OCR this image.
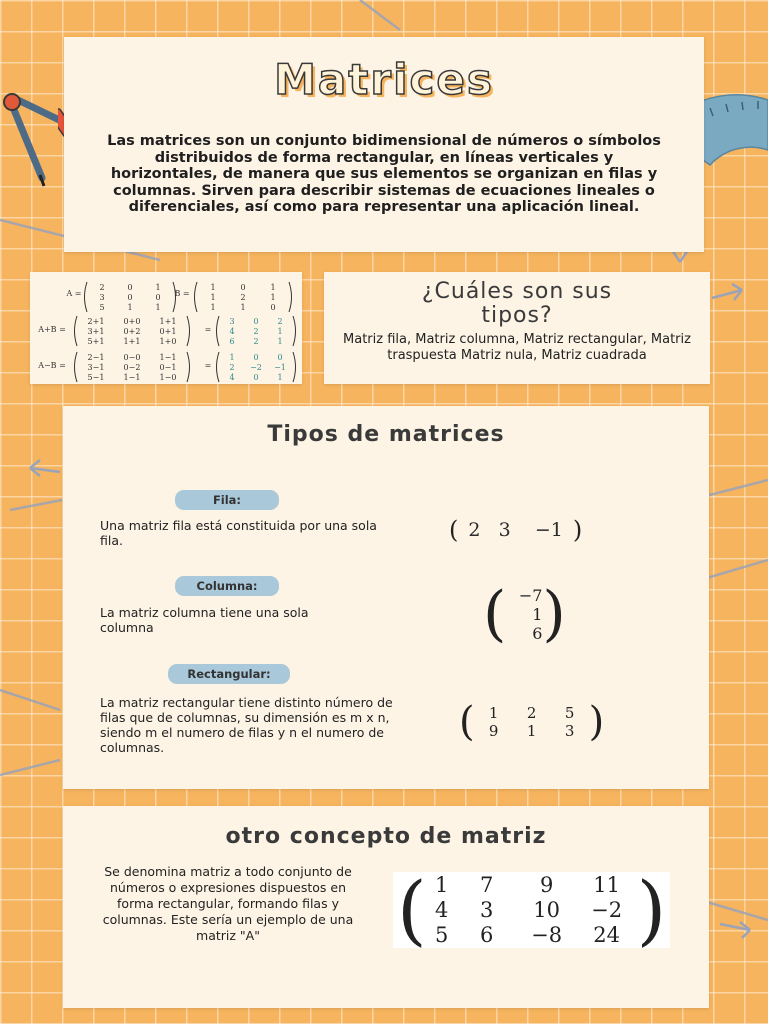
Matrices
Las matrices son un conjunto bidimensional de números o símbolos distribuidos de forma rectangular, en líneas verticales y horizontales, de manera que sus elementos se organizan en filas y columnas. Sirven para describir sistemas de ecuaciones lineales o diferenciales, así como para representar una aplicación lineal.
A =
2	0	1
3	0	0
5	1	1
B =
1	0	1
1	2	1
1	1	0
A+B =
2+1 0+0 1+1
3+1 0+2 0+1
5+1 1+1 1+0
=
3 0 2
4 2 1
6 2 1
A−B =
2−1 0−0 1−1
3−1 0−2 0−1
5−1 1−1 1−0
=
1 0 0
2 −2 −1
4 0 1
¿Cuáles son sus tipos?
Matriz fila, Matriz columna, Matriz rectangular, Matriz traspuesta Matriz nula, Matriz cuadrada
Tipos de matrices
Fila:
Una matriz fila está constituida por una sola fila.	( 2 3 −1 )
Columna:
La matriz columna tiene una sola columna	( −7
1
6 )
Rectangular:
La matriz rectangular tiene distinto número de filas que de columnas, su dimensión es m x n, siendo m el numero de filas y n el numero de columnas.
( 1	2	5
9	1	3 )
otro concepto de matriz
Se denomina matriz a todo conjunto de números o expresiones dispuestos en forma rectangular, formando filas y columnas. Este sería un ejemplo de una matriz "A"	( 1	7	9	11
4	3	10	−2
5	6	−8	24 )
